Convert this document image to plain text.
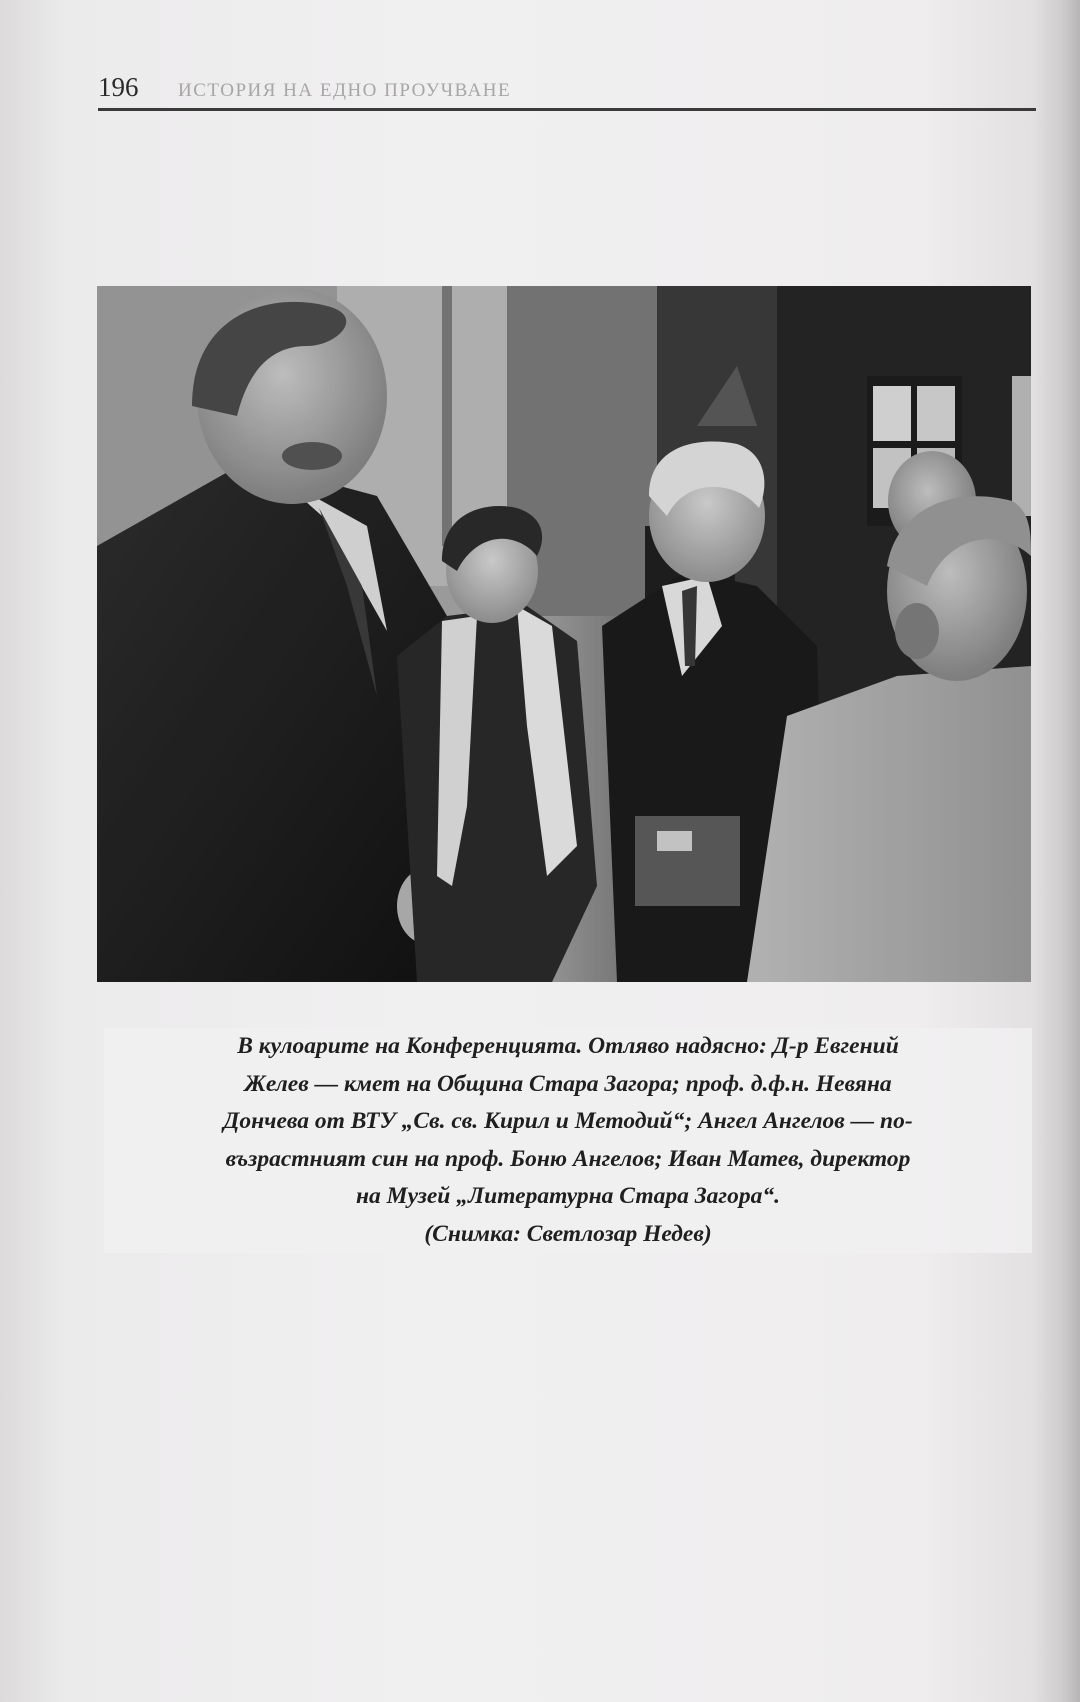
196 ИСТОРИЯ НА ЕДНО ПРОУЧВАНЕ
В кулоарите на Конференцията. Отляво надясно: Д-р Евгений
Желев — кмет на Община Стара Загора; проф. д.ф.н. Невяна
Дончева от ВТУ „Св. св. Кирил и Методий“; Ангел Ангелов — по-
възрастният син на проф. Боню Ангелов; Иван Матев, директор
на Музей „Литературна Стара Загора“.
(Снимка: Светлозар Недев)
